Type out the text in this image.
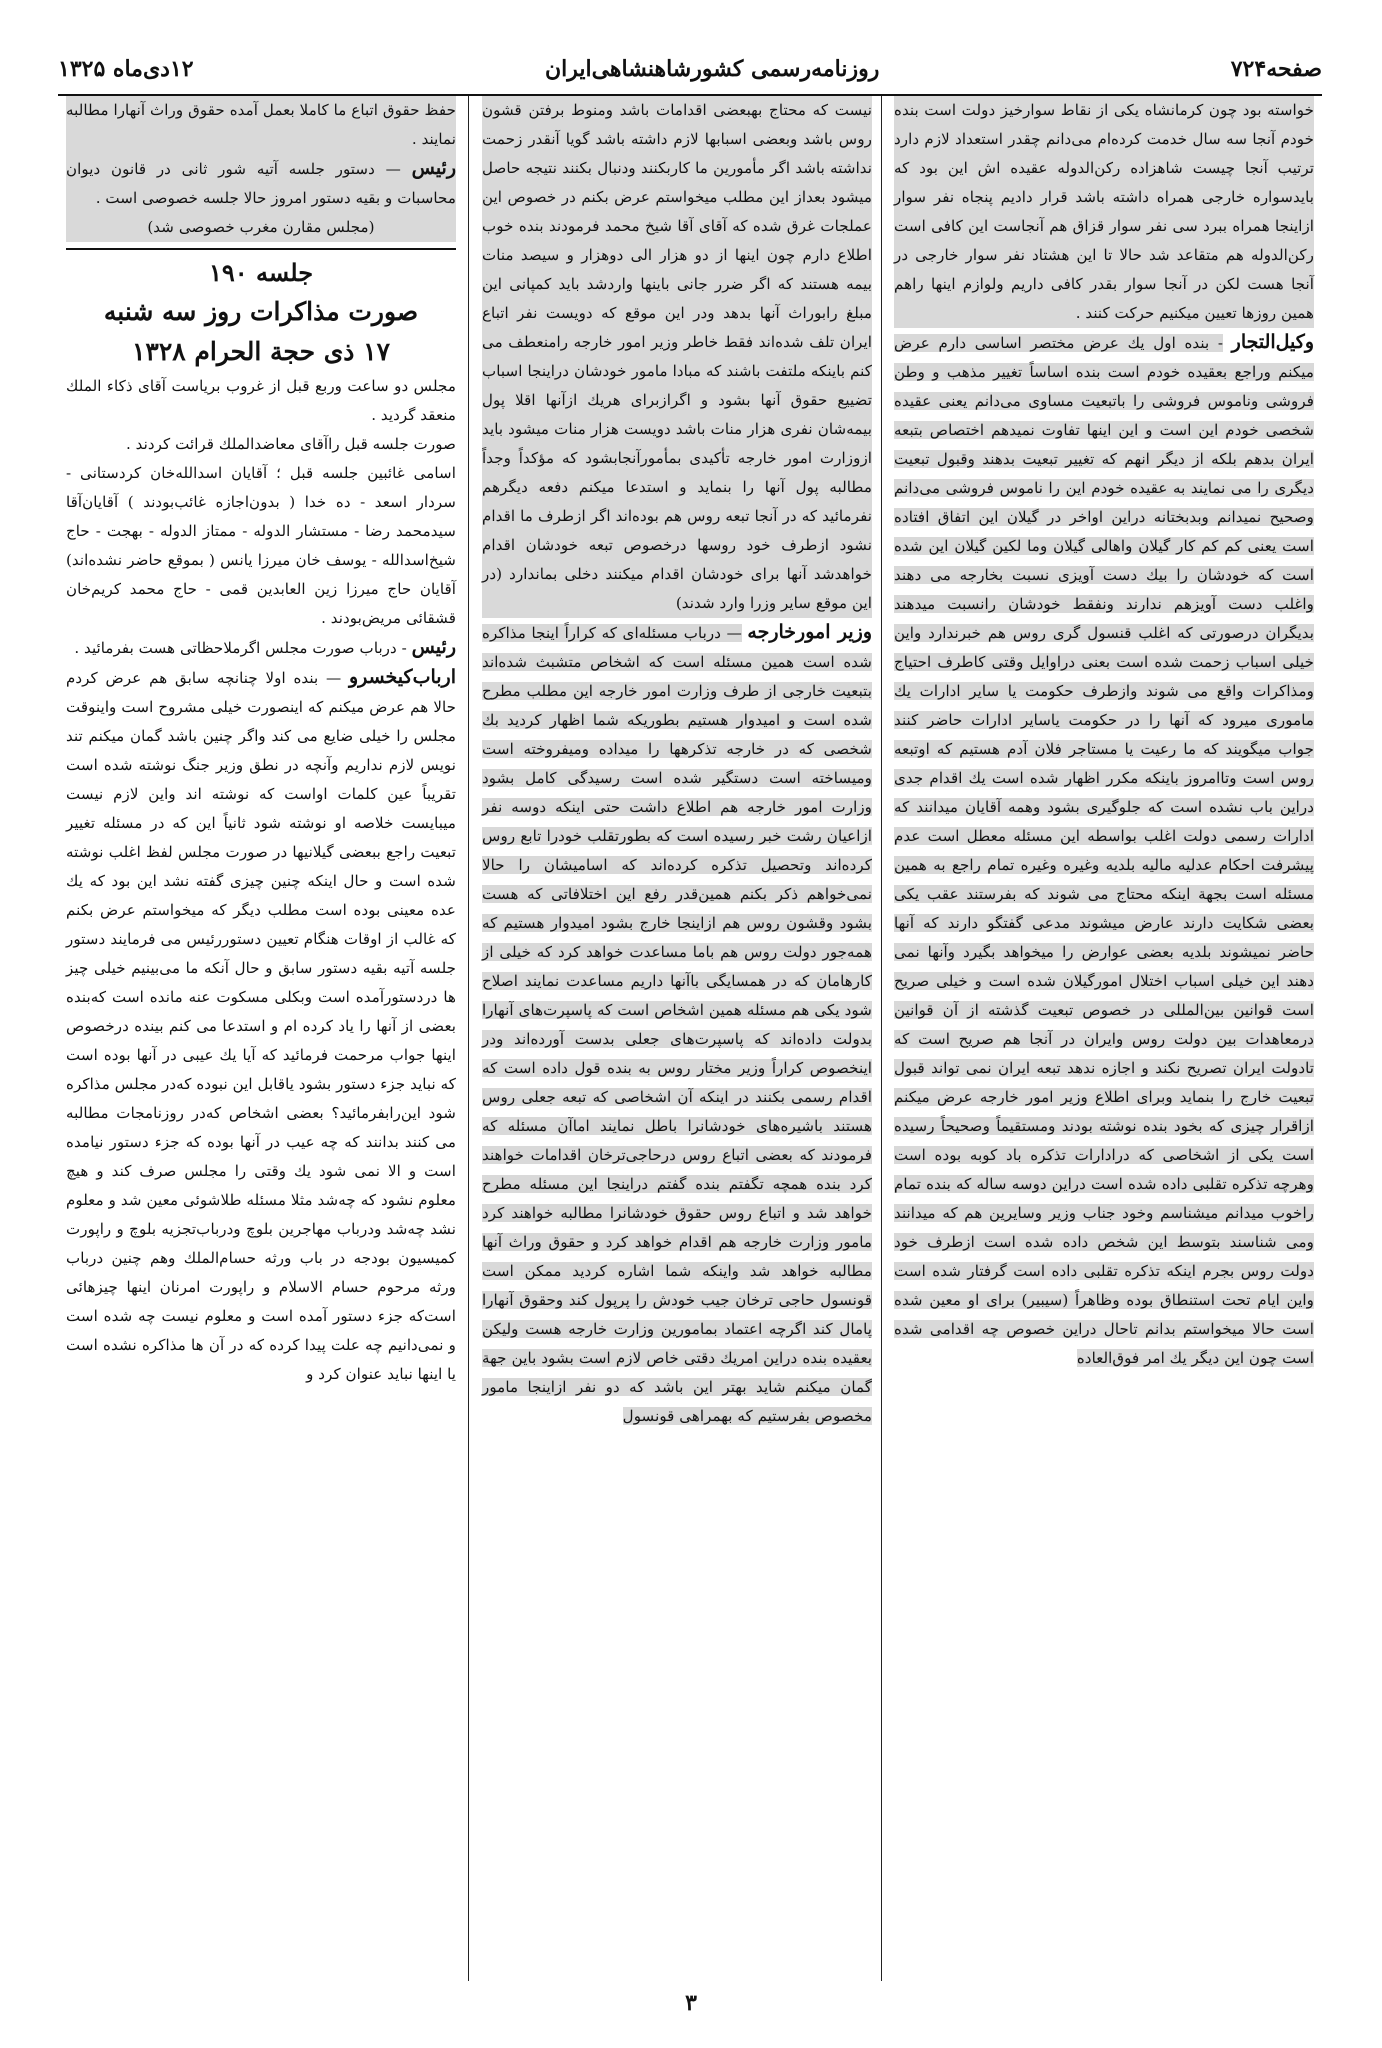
صفحه۷۲۴
روزنامه‌رسمی کشورشاهنشاهی‌ایران
۱۲دی‌ماه ۱۳۲۵

خواسته بود چون کرمانشاه یکی از نقاط سوارخیز دولت است بنده خودم آنجا سه سال خدمت کرده‌ام می‌دانم چقدر استعداد لازم دارد ترتیب آنجا چیست شاهزاده رکن‌الدوله عقیده اش این بود که بایدسواره خارجی همراه داشته باشد قرار دادیم پنجاه نفر سوار ازاینجا همراه ببرد سی نفر سوار قزاق هم آنجاست این کافی است رکن‌الدوله هم متقاعد شد حالا تا این هشتاد نفر سوار خارجی در آنجا هست لکن در آنجا سوار بقدر کافی داریم ولوازم اینها راهم همین روزها تعیین میکنیم حرکت کنند .

وکیل‌التجار - بنده اول یك عرض مختصر اساسی دارم عرض میکنم وراجع بعقیده خودم است بنده اساساً تغییر مذهب و وطن فروشی وناموس فروشی را باتبعیت مساوی می‌دانم یعنی عقیده شخصی خودم این است و این اینها تفاوت نمیدهم اختصاص بتبعه ایران بدهم بلکه از دیگر انهم که تغییر تبعیت بدهند وقبول تبعیت دیگری را می نمایند به عقیده خودم این را ناموس فروشی می‌دانم وصحیح نمیدانم وبدبختانه دراین اواخر در گیلان این اتفاق افتاده است یعنی کم کم کار گیلان واهالی گیلان وما لکین گیلان این شده است که خودشان را بیك دست آویزی نسبت بخارجه می دهند واغلب دست آویزهم ندارند ونفقط خودشان رانسبت میدهند بدیگران درصورتی که اغلب قنسول گری روس هم خبرندارد واین خیلی اسباب زحمت شده است بعنی دراوایل وقتی کاطرف احتیاج ومذاکرات واقع می شوند وازطرف حکومت یا سایر ادارات یك ماموری میرود که آنها را در حکومت یاسایر ادارات حاضر کنند جواب میگویند که ما رعیت یا مستاجر فلان آدم هستیم که اوتبعه روس است وتاامروز باینکه مکرر اظهار شده است یك اقدام جدی دراین باب نشده است که جلوگیری بشود وهمه آقایان میدانند که ادارات رسمی دولت اغلب بواسطه این مسئله معطل است عدم پیشرفت احکام عدلیه مالیه بلدیه وغیره وغیره تمام راجع به همین مسئله است بجهة اینکه محتاج می شوند که بفرستند عقب یکی بعضی شکایت دارند عارض میشوند مدعی گفتگو دارند که آنها حاضر نمیشوند بلدیه بعضی عوارض را میخواهد بگیرد وآنها نمی دهند این خیلی اسباب اختلال امورگیلان شده است و خیلی صریح است قوانین بین‌المللی در خصوص تبعیت گذشته از آن قوانین درمعاهدات بین دولت روس وایران در آنجا هم صریح است که تادولت ایران تصریح نکند و اجازه ندهد تبعه ایران نمی تواند قبول تبعیت خارج را بنماید وبرای اطلاع وزیر امور خارجه عرض میکنم ازاقرار چیزی که بخود بنده نوشته بودند ومستقیماً وصحیحاً رسیده است یکی از اشخاصی که درادارات تذکره باد کوبه بوده است وهرچه تذکره تقلبی داده شده است دراین دوسه ساله که بنده تمام راخوب میدانم میشناسم وخود جناب وزیر وسایرین هم که میدانند ومی شناسند بتوسط این شخص داده شده است ازطرف خود دولت روس بجرم اینکه تذکره تقلبی داده است گرفتار شده است واین ایام تحت استنطاق بوده وظاهراً (سیبیر) برای او معین شده است حالا میخواستم بدانم تاحال دراین خصوص چه اقدامی شده است چون این دیگر یك امر فوق‌العاده

نیست که محتاج بهبعضی اقدامات باشد ومنوط برفتن قشون روس باشد وبعضی اسبابها لازم داشته باشد گویا آنقدر زحمت نداشته باشد اگر مأمورین ما کاربکنند ودنبال بکنند نتیجه حاصل میشود بعداز این مطلب میخواستم عرض بکنم در خصوص این عملجات غرق شده که آقای آقا شیخ محمد فرمودند بنده خوب اطلاع دارم چون اینها از دو هزار الی دوهزار و سیصد منات بیمه هستند که اگر ضرر جانی باینها واردشد باید کمپانی این مبلغ رابوراث آنها بدهد ودر این موقع که دویست نفر اتباع ایران تلف شده‌اند فقط خاطر وزیر امور خارجه رامنعطف می کنم باینکه ملتفت باشند که مبادا مامور خودشان دراینجا اسباب تضییع حقوق آنها بشود و اگرازبرای هریك ازآنها اقلا پول بیمه‌شان نفری هزار منات باشد دویست هزار منات میشود باید ازوزارت امور خارجه تأکیدی بمأمورآنجابشود که مؤکداً وجداً مطالبه پول آنها را بنماید و استدعا میکنم دفعه دیگرهم نفرمائید که در آنجا تبعه روس هم بوده‌اند اگر ازطرف ما اقدام نشود ازطرف خود روسها درخصوص تبعه خودشان اقدام خواهدشد آنها برای خودشان اقدام میکنند دخلی بماندارد (در این موقع سایر وزرا وارد شدند)

وزیر امورخارجه — درباب مسئله‌ای که کراراً اینجا مذاکره شده است همین مسئله است که اشخاص متشبث شده‌اند بتبعیت خارجی از طرف وزارت امور خارجه این مطلب مطرح شده است و امیدوار هستیم بطوریکه شما اظهار کردید بك شخصی که در خارجه تذکرهها را میداده ومیفروخته است ومیساخته است دستگیر شده است رسیدگی کامل بشود وزارت امور خارجه هم اطلاع داشت حتی اینکه دوسه نفر ازاعیان رشت خبر رسیده است که بطورتقلب خودرا تابع روس کرده‌اند وتحصیل تذکره کرده‌اند که اسامیشان را حالا نمی‌خواهم ذکر بکنم همین‌قدر رفع این اختلافاتی که هست بشود وقشون روس هم ازاینجا خارج بشود امیدوار هستیم که همه‌جور دولت روس هم باما مساعدت خواهد کرد که خیلی از کارهامان که در همسایگی باآنها داریم مساعدت نمایند اصلاح شود یکی هم مسئله همین اشخاص است که پاسپرت‌های آنهارا بدولت داده‌اند که پاسپرت‌های جعلی بدست آورده‌اند ودر اینخصوص کراراً وزیر مختار روس به بنده قول داده است که اقدام رسمی بکنند در اینکه آن اشخاصی که تبعه جعلی روس هستند باشیره‌های خودشانرا باطل نمایند اماآن مسئله که فرمودند که بعضی اتباع روس درحاجی‌ترخان اقدامات خواهند کرد بنده همچه تگفتم بنده گفتم دراینجا این مسئله مطرح خواهد شد و اتباع روس حقوق خودشانرا مطالبه خواهند کرد مامور وزارت خارجه هم اقدام خواهد کرد و حقوق وراث آنها مطالبه خواهد شد واینکه شما اشاره کردید ممکن است قونسول حاجی ترخان جیب خودش را پرپول کند وحقوق آنهارا پامال کند اگرچه اعتماد بمامورین وزارت خارجه هست ولیکن بعقیده بنده دراین امریك دقتی خاص لازم است بشود باین جهة گمان میکنم شاید بهتر این باشد که دو نفر ازاینجا مامور مخصوص بفرستیم که بهمراهی قونسول

حفظ حقوق اتباع ما کاملا بعمل آمده حقوق وراث آنهارا مطالبه نمایند .

رئیس — دستور جلسه آتیه شور ثانی در قانون دیوان محاسبات و بقیه دستور امروز حالا جلسه خصوصی است .

(مجلس مقارن مغرب خصوصی شد)

جلسه ۱۹۰
صورت مذاکرات روز سه شنبه
۱۷ ذی حجة الحرام ۱۳۲۸

مجلس دو ساعت وربع قبل از غروب بریاست آقای ذکاء الملك منعقد گردید .

صورت جلسه قبل راآقای معاضدالملك قرائت کردند .

اسامی غائبین جلسه قبل ؛ آقایان اسدالله‌خان کردستانی - سردار اسعد - ده خدا ( بدون‌اجازه غائب‌بودند ) آقایان‌آقا سیدمحمد رضا - مستشار الدوله - ممتاز الدوله - بهجت - حاج شیخ‌اسدالله - یوسف خان میرزا یانس ( بموقع حاضر نشده‌اند) آقایان حاج میرزا زین العابدین قمی - حاج محمد کریم‌خان قشقائی مریض‌بودند .

رئیس - درباب صورت مجلس اگرملاحظاتی هست بفرمائید .

ارباب‌کیخسرو — بنده اولا چنانچه سابق هم عرض کردم حالا هم عرض میکنم که اینصورت خیلی مشروح است واینوقت مجلس را خیلی ضایع می کند واگر چنین باشد گمان میکنم تند نویس لازم نداریم وآنچه در نطق وزیر جنگ نوشته شده است تقریباً عین کلمات اواست که نوشته اند واین لازم نیست میبایست خلاصه او نوشته شود ثانیاً این که در مسئله تغییر تبعیت راجع ببعضی گیلانیها در صورت مجلس لفظ اغلب نوشته شده است و حال اینکه چنین چیزی گفته نشد این بود که یك عده معینی بوده است مطلب دیگر که میخواستم عرض بکنم که غالب از اوقات هنگام تعیین دستوررئیس می فرمایند دستور جلسه آتیه بقیه دستور سابق و حال آنکه ما می‌بینیم خیلی چیز ها دردستورآمده است وبکلی مسکوت عنه مانده است که‌بنده بعضی از آنها را یاد کرده ام و استدعا می کنم بینده درخصوص اینها جواب مرحمت فرمائید که آیا یك عیبی در آنها بوده است که نباید جزء دستور بشود یاقابل این نبوده که‌در مجلس مذاکره شود این‌رابفرمائید؟ بعضی اشخاص که‌در روزنامجات مطالبه می کنند بدانند که چه عیب در آنها بوده که جزء دستور نیامده است و الا نمی شود یك وقتی را مجلس صرف کند و هیچ معلوم نشود که چه‌شد مثلا مسئله طلاشوئی معین شد و معلوم نشد چه‌شد ودرباب مهاجرین بلوچ ودرباب‌تجزیه بلوچ و راپورت کمیسیون بودجه در باب ورثه حسام‌الملك وهم چنین درباب ورثه مرحوم حسام الاسلام و راپورت امرنان اینها چیزهائی است‌که جزء دستور آمده است و معلوم نیست چه شده است و نمی‌دانیم چه علت پیدا کرده که در آن ها مذاکره نشده است یا اینها نباید عنوان کرد و

۳
